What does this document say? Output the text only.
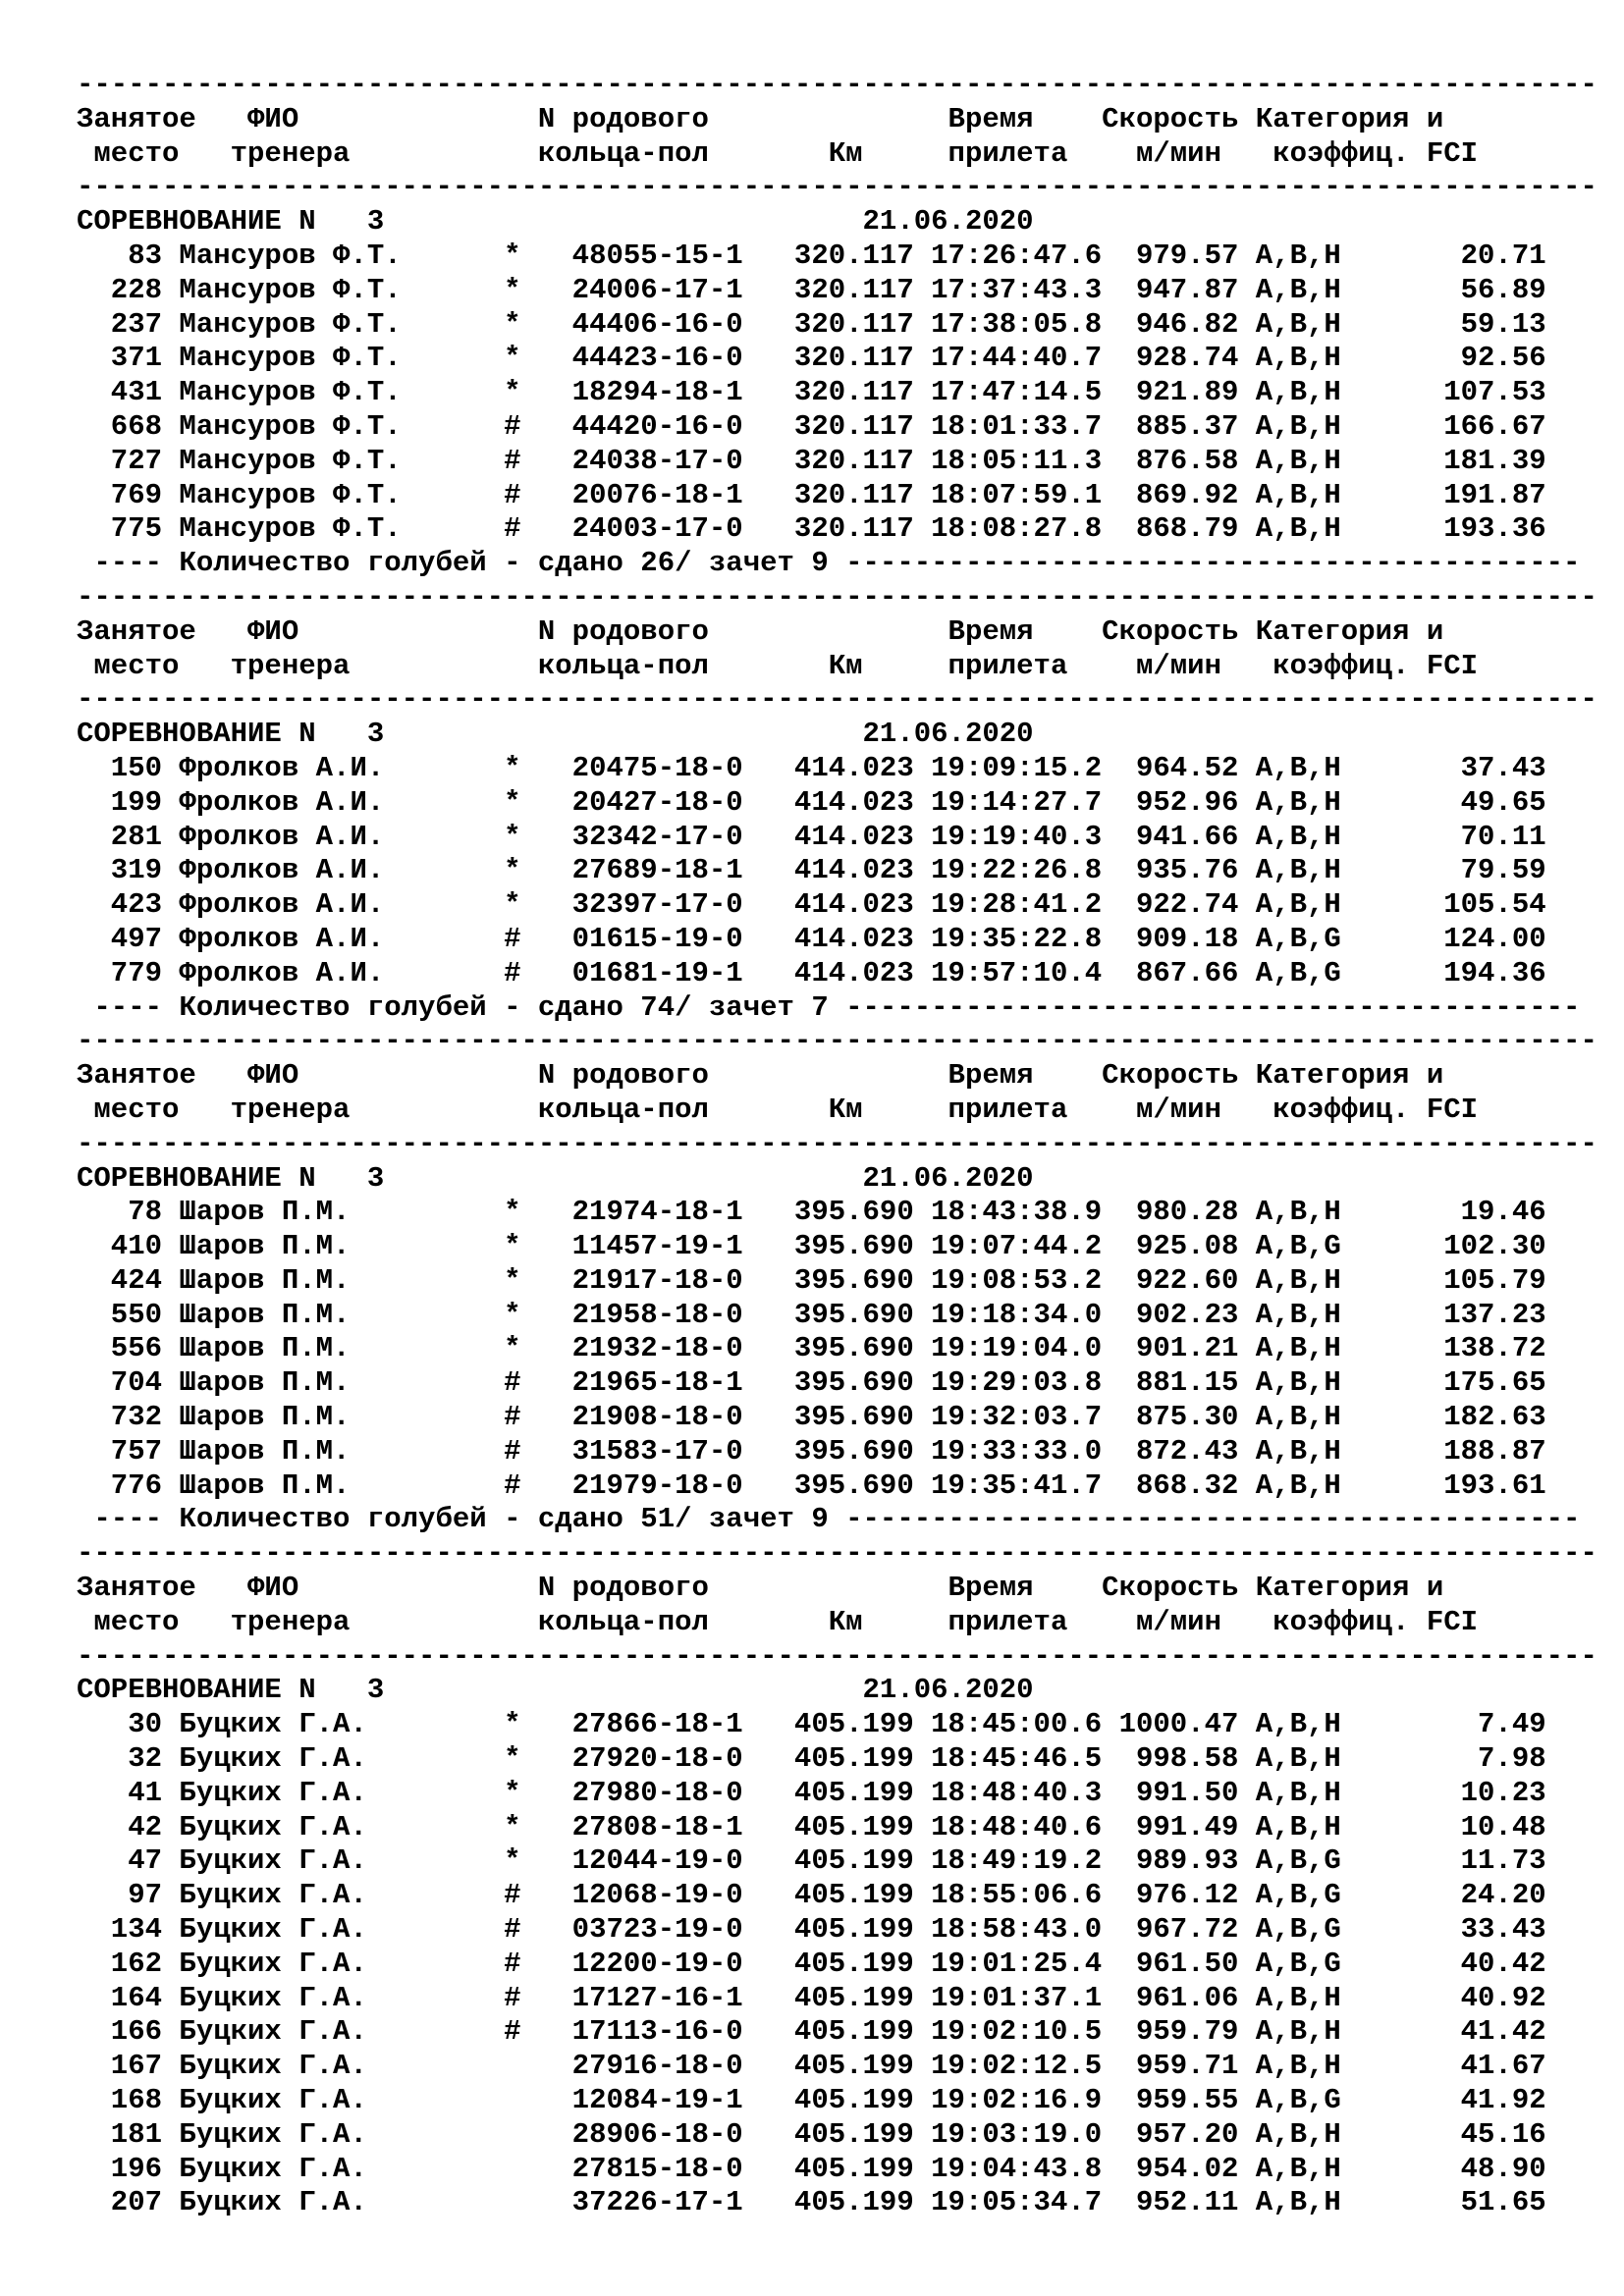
-----------------------------------------------------------------------------------------
Занятое   ФИО              N родового              Время    Скорость Категория и
место   тренера           кольца-пол       Км     прилета    м/мин   коэффиц. FCI
-----------------------------------------------------------------------------------------
СОРЕВНОВАНИЕ N   3                            21.06.2020
83 Мансуров Ф.Т.      *   48055-15-1   320.117 17:26:47.6  979.57 A,B,H       20.71
228 Мансуров Ф.Т.      *   24006-17-1   320.117 17:37:43.3  947.87 A,B,H       56.89
237 Мансуров Ф.Т.      *   44406-16-0   320.117 17:38:05.8  946.82 A,B,H       59.13
371 Мансуров Ф.Т.      *   44423-16-0   320.117 17:44:40.7  928.74 A,B,H       92.56
431 Мансуров Ф.Т.      *   18294-18-1   320.117 17:47:14.5  921.89 A,B,H      107.53
668 Мансуров Ф.Т.      #   44420-16-0   320.117 18:01:33.7  885.37 A,B,H      166.67
727 Мансуров Ф.Т.      #   24038-17-0   320.117 18:05:11.3  876.58 A,B,H      181.39
769 Мансуров Ф.Т.      #   20076-18-1   320.117 18:07:59.1  869.92 A,B,H      191.87
775 Мансуров Ф.Т.      #   24003-17-0   320.117 18:08:27.8  868.79 A,B,H      193.36
---- Количество голубей - сдано 26/ зачет 9 -------------------------------------------
-----------------------------------------------------------------------------------------
Занятое   ФИО              N родового              Время    Скорость Категория и
место   тренера           кольца-пол       Км     прилета    м/мин   коэффиц. FCI
-----------------------------------------------------------------------------------------
СОРЕВНОВАНИЕ N   3                            21.06.2020
150 Фролков А.И.       *   20475-18-0   414.023 19:09:15.2  964.52 A,B,H       37.43
199 Фролков А.И.       *   20427-18-0   414.023 19:14:27.7  952.96 A,B,H       49.65
281 Фролков А.И.       *   32342-17-0   414.023 19:19:40.3  941.66 A,B,H       70.11
319 Фролков А.И.       *   27689-18-1   414.023 19:22:26.8  935.76 A,B,H       79.59
423 Фролков А.И.       *   32397-17-0   414.023 19:28:41.2  922.74 A,B,H      105.54
497 Фролков А.И.       #   01615-19-0   414.023 19:35:22.8  909.18 A,B,G      124.00
779 Фролков А.И.       #   01681-19-1   414.023 19:57:10.4  867.66 A,B,G      194.36
---- Количество голубей - сдано 74/ зачет 7 -------------------------------------------
-----------------------------------------------------------------------------------------
Занятое   ФИО              N родового              Время    Скорость Категория и
место   тренера           кольца-пол       Км     прилета    м/мин   коэффиц. FCI
-----------------------------------------------------------------------------------------
СОРЕВНОВАНИЕ N   3                            21.06.2020
78 Шаров П.М.         *   21974-18-1   395.690 18:43:38.9  980.28 A,B,H       19.46
410 Шаров П.М.         *   11457-19-1   395.690 19:07:44.2  925.08 A,B,G      102.30
424 Шаров П.М.         *   21917-18-0   395.690 19:08:53.2  922.60 A,B,H      105.79
550 Шаров П.М.         *   21958-18-0   395.690 19:18:34.0  902.23 A,B,H      137.23
556 Шаров П.М.         *   21932-18-0   395.690 19:19:04.0  901.21 A,B,H      138.72
704 Шаров П.М.         #   21965-18-1   395.690 19:29:03.8  881.15 A,B,H      175.65
732 Шаров П.М.         #   21908-18-0   395.690 19:32:03.7  875.30 A,B,H      182.63
757 Шаров П.М.         #   31583-17-0   395.690 19:33:33.0  872.43 A,B,H      188.87
776 Шаров П.М.         #   21979-18-0   395.690 19:35:41.7  868.32 A,B,H      193.61
---- Количество голубей - сдано 51/ зачет 9 -------------------------------------------
-----------------------------------------------------------------------------------------
Занятое   ФИО              N родового              Время    Скорость Категория и
место   тренера           кольца-пол       Км     прилета    м/мин   коэффиц. FCI
-----------------------------------------------------------------------------------------
СОРЕВНОВАНИЕ N   3                            21.06.2020
30 Буцких Г.А.        *   27866-18-1   405.199 18:45:00.6 1000.47 A,B,H        7.49
32 Буцких Г.А.        *   27920-18-0   405.199 18:45:46.5  998.58 A,B,H        7.98
41 Буцких Г.А.        *   27980-18-0   405.199 18:48:40.3  991.50 A,B,H       10.23
42 Буцких Г.А.        *   27808-18-1   405.199 18:48:40.6  991.49 A,B,H       10.48
47 Буцких Г.А.        *   12044-19-0   405.199 18:49:19.2  989.93 A,B,G       11.73
97 Буцких Г.А.        #   12068-19-0   405.199 18:55:06.6  976.12 A,B,G       24.20
134 Буцких Г.А.        #   03723-19-0   405.199 18:58:43.0  967.72 A,B,G       33.43
162 Буцких Г.А.        #   12200-19-0   405.199 19:01:25.4  961.50 A,B,G       40.42
164 Буцких Г.А.        #   17127-16-1   405.199 19:01:37.1  961.06 A,B,H       40.92
166 Буцких Г.А.        #   17113-16-0   405.199 19:02:10.5  959.79 A,B,H       41.42
167 Буцких Г.А.            27916-18-0   405.199 19:02:12.5  959.71 A,B,H       41.67
168 Буцких Г.А.            12084-19-1   405.199 19:02:16.9  959.55 A,B,G       41.92
181 Буцких Г.А.            28906-18-0   405.199 19:03:19.0  957.20 A,B,H       45.16
196 Буцких Г.А.            27815-18-0   405.199 19:04:43.8  954.02 A,B,H       48.90
207 Буцких Г.А.            37226-17-1   405.199 19:05:34.7  952.11 A,B,H       51.65
